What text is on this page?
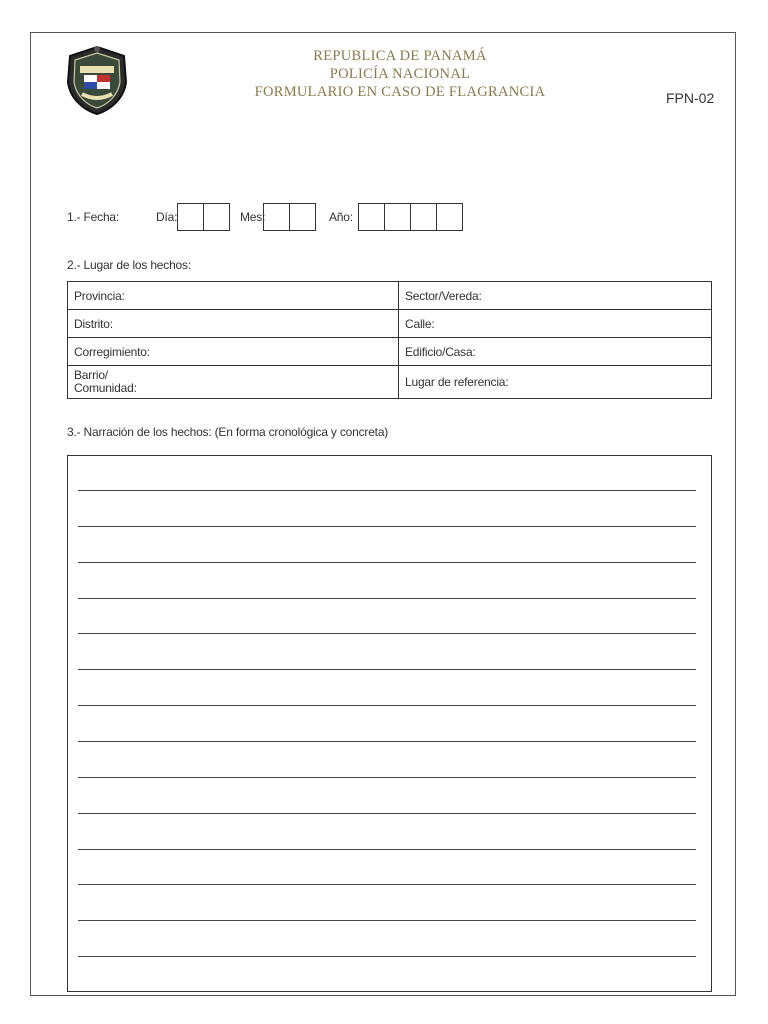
REPUBLICA DE PANAMÁ
POLICÍA NACIONAL
FORMULARIO EN CASO DE FLAGRANCIA	FPN-02
1.- Fecha:	Día:	Mes:	Año:
2.- Lugar de los hechos:
Provincia:	Sector/Vereda:
Distrito:	Calle:
Corregimiento:	Edificio/Casa:

Barrio/
Comunidad:	Lugar de referencia:
3.- Narración de los hechos: (En forma cronológica y concreta)
